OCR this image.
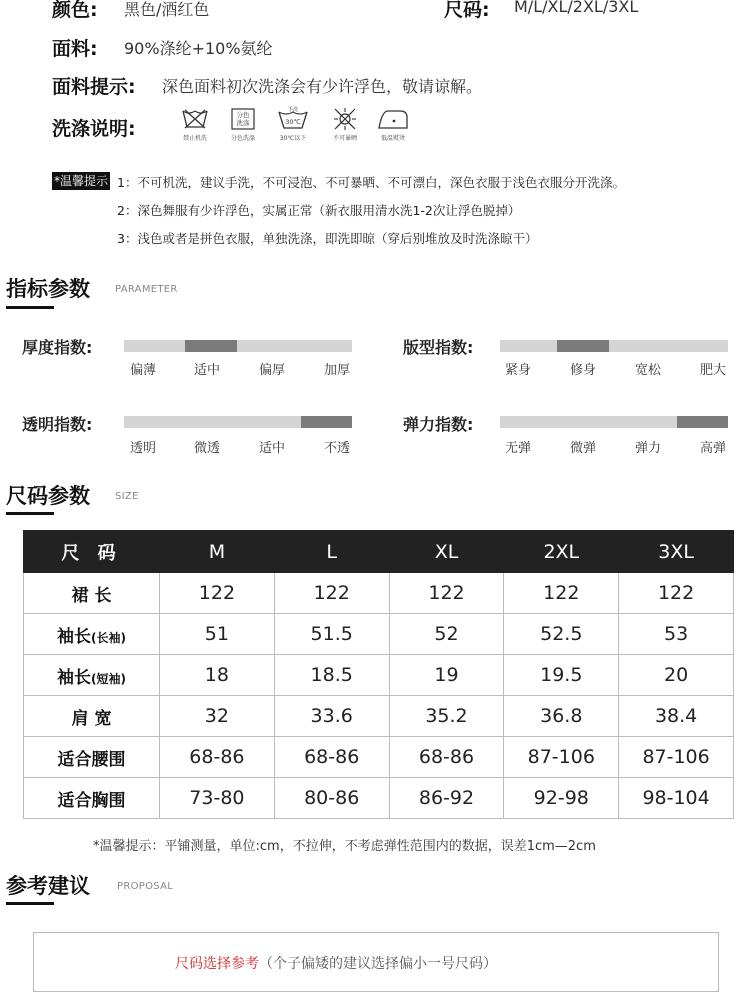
颜色: 黑色/酒红色	尺码: M/L/XL/2XL/3XL
面料: 90%涤纶+10%氨纶
面料提示: 深色面料初次洗涤会有少许浮色，敬请谅解。
洗涤说明:	禁止机洗
分色
洗涤
分色洗涤
手洗
30℃
30℃以下	不可暴晒	低温熨烫
*温馨提示 1：不可机洗，建议手洗，不可浸泡、不可暴晒、不可漂白，深色衣服于浅色衣服分开洗涤。
2：深色舞服有少许浮色，实属正常（新衣服用清水洗1-2次让浮色脱掉）
3：浅色或者是拼色衣服，单独洗涤，即洗即晾（穿后别堆放及时洗涤晾干）
指标参数	PARAMETER
厚度指数:
偏薄	适中	偏厚	加厚
版型指数:
紧身	修身	宽松	肥大
透明指数:
透明	微透	适中	不透
弹力指数:
无弹	微弹	弹力	高弹
尺码参数	SIZE
尺 码	M	L	XL	2XL	3XL
裙 长	122	122	122	122	122
袖长(长袖)	51	51.5	52	52.5	53
袖长(短袖)	18	18.5	19	19.5	20
肩 宽	32	33.6	35.2	36.8	38.4
适合腰围	68-86	68-86	68-86	87-106	87-106
适合胸围	73-80	80-86	86-92	92-98	98-104
*温馨提示：平铺测量，单位:cm，不拉伸，不考虑弹性范围内的数据，误差1cm—2cm
参考建议	PROPOSAL
尺码选择参考（个子偏矮的建议选择偏小一号尺码）
